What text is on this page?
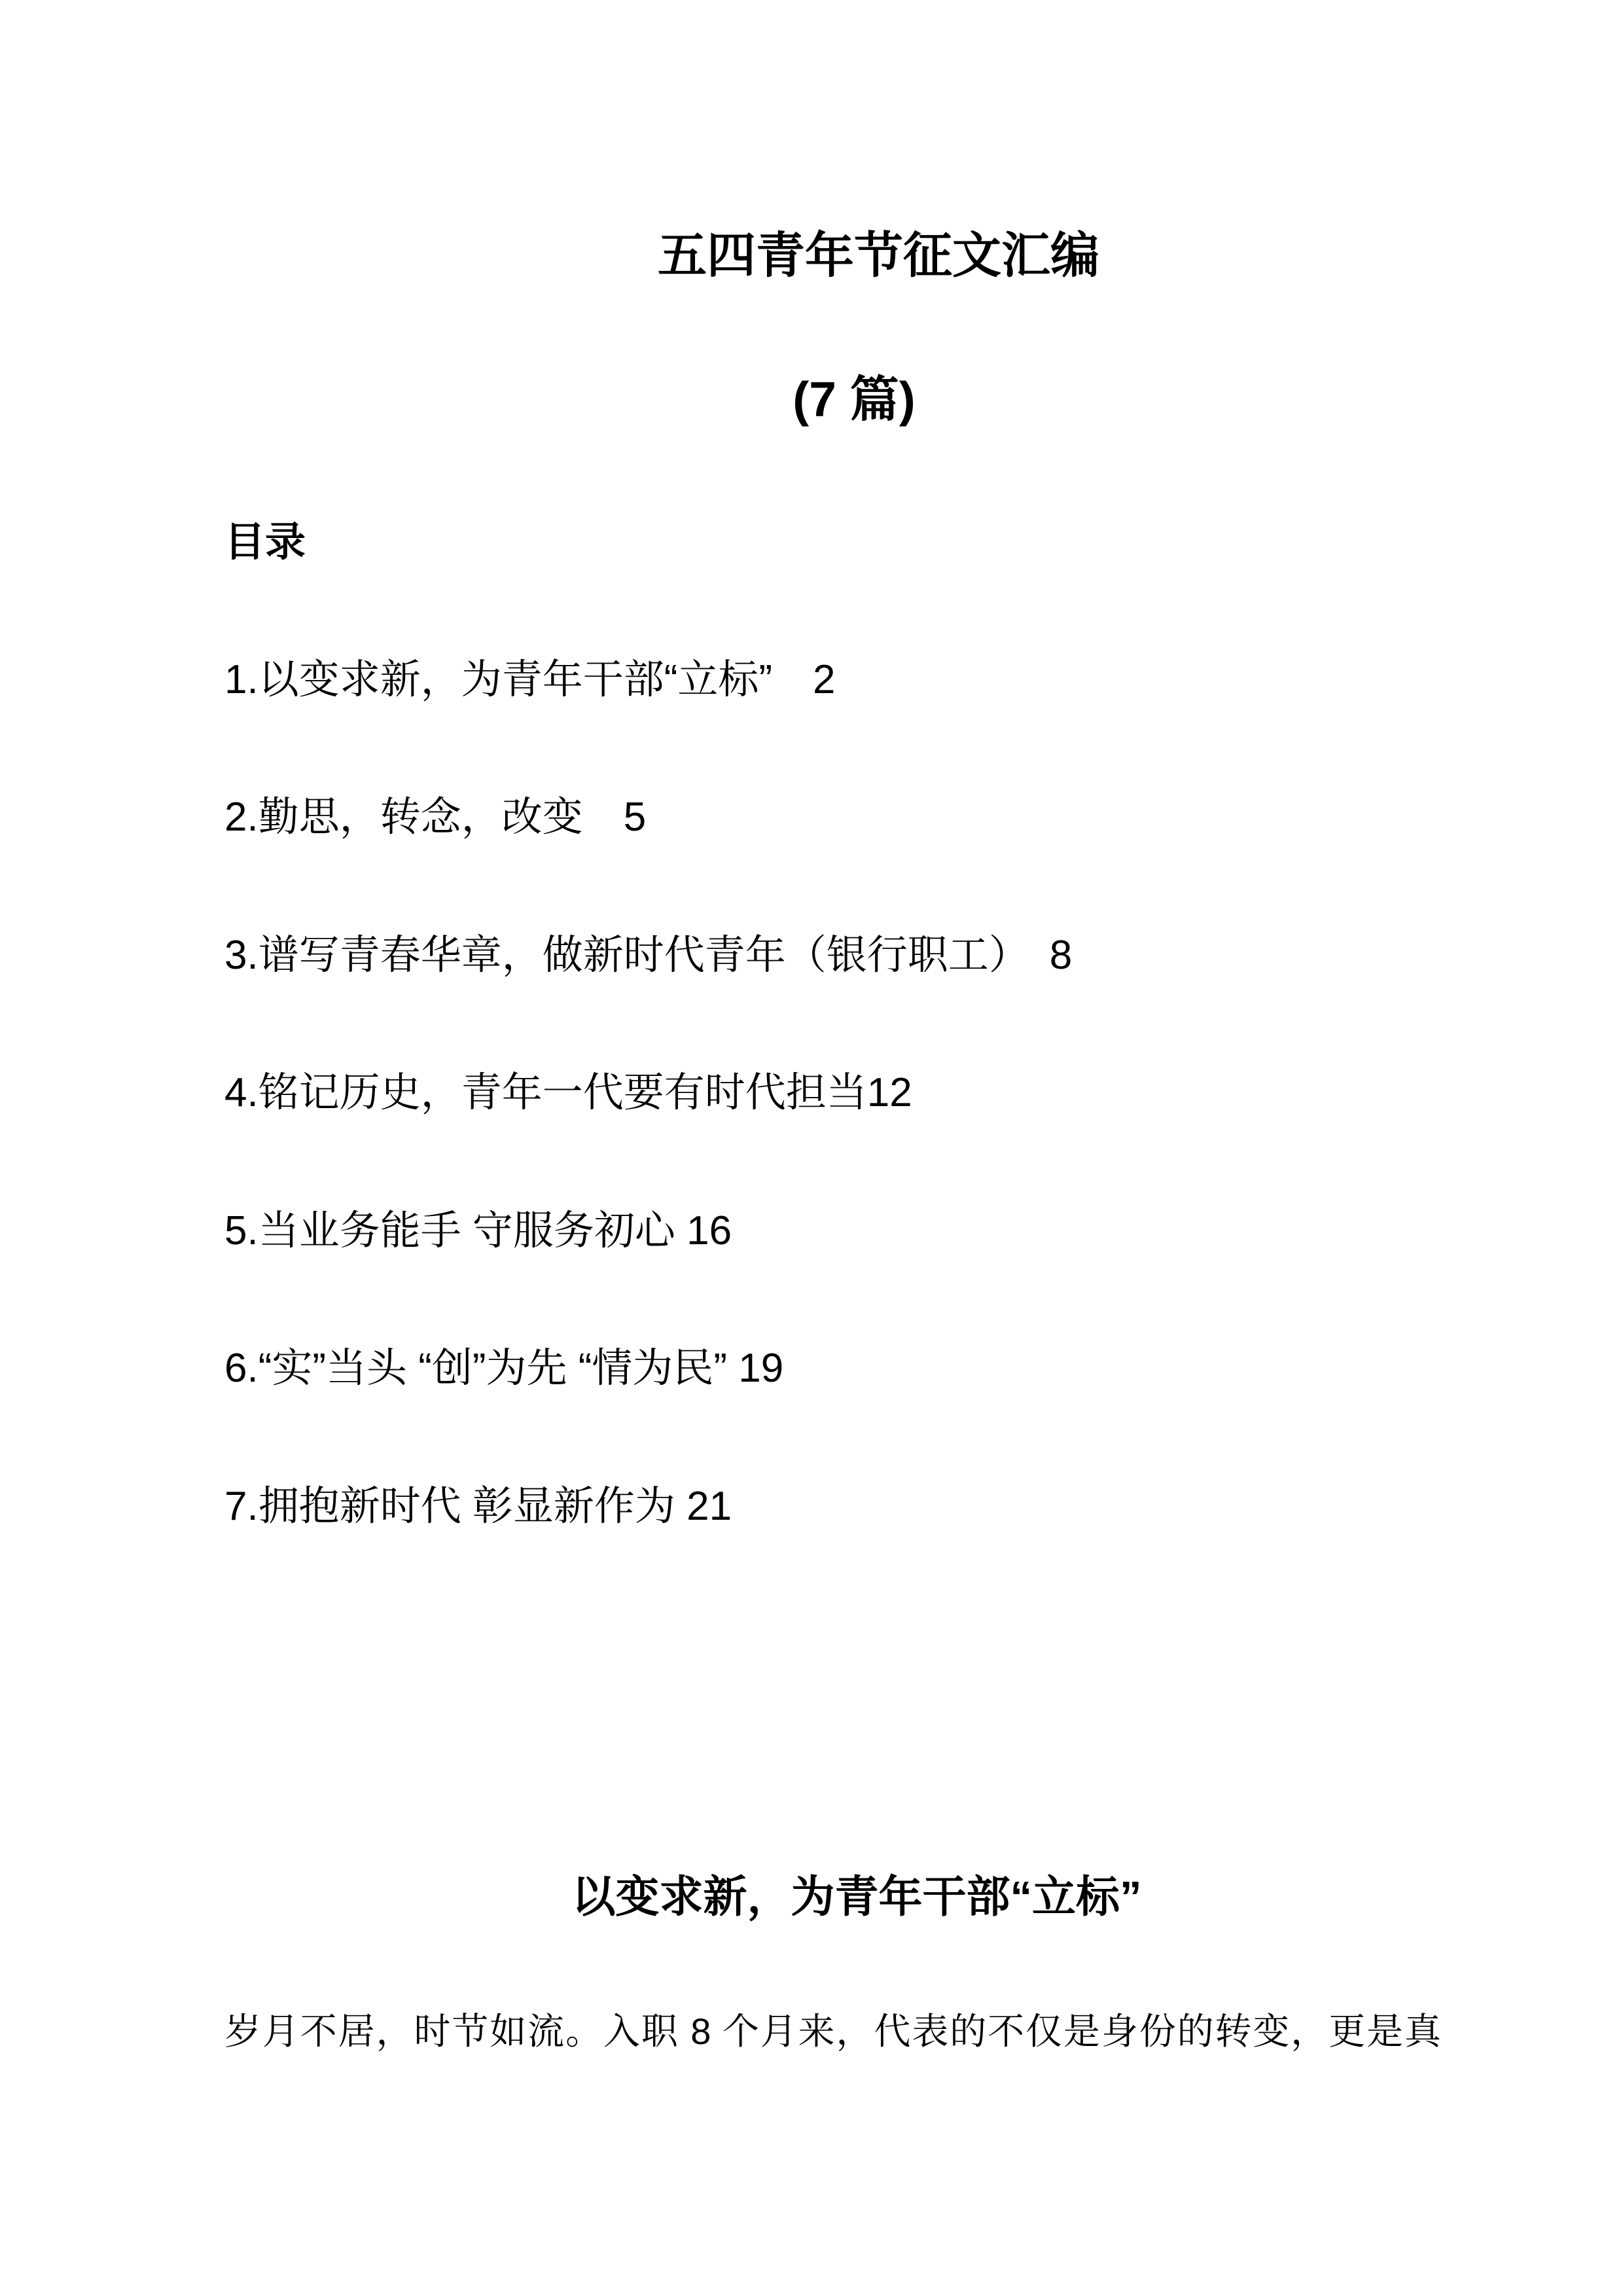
五四青年节征文汇编
(7 篇)
目录
1.以变求新，为青年干部“立标”　2
2.勤思，转念，改变　5
3.谱写青春华章，做新时代青年（银行职工）　8
4.铭记历史，青年一代要有时代担当12
5.当业务能手 守服务初心 16
6.“实”当头 “创”为先 “情为民” 19
7.拥抱新时代 彰显新作为 21
以变求新，为青年干部“立标”
岁月不居，时节如流。入职 8 个月来，代表的不仅是身份的转变，更是真
